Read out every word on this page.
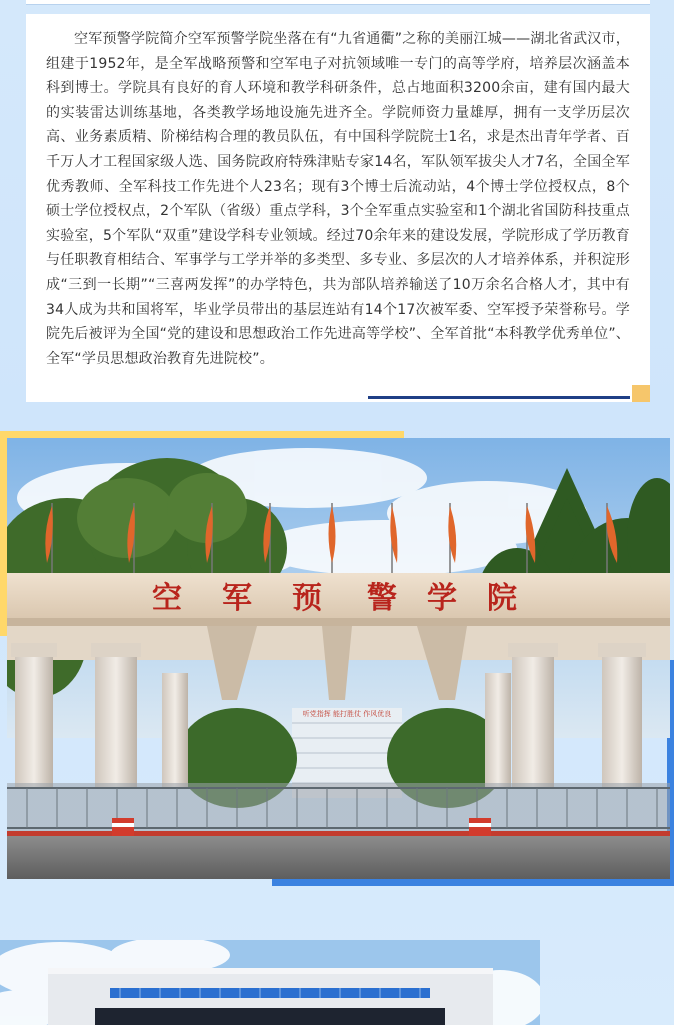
空军预警学院简介空军预警学院坐落在有“九省通衢”之称的美丽江城——湖北省武汉市，组建于1952年，是全军战略预警和空军电子对抗领域唯一专门的高等学府，培养层次涵盖本科到博士。学院具有良好的育人环境和教学科研条件，总占地面积3200余亩，建有国内最大的实装雷达训练基地，各类教学场地设施先进齐全。学院师资力量雄厚，拥有一支学历层次高、业务素质精、阶梯结构合理的教员队伍，有中国科学院院士1名，求是杰出青年学者、百千万人才工程国家级人选、国务院政府特殊津贴专家14名，军队领军拔尖人才7名，全国全军优秀教师、全军科技工作先进个人23名；现有3个博士后流动站，4个博士学位授权点，8个硕士学位授权点，2个军队（省级）重点学科，3个全军重点实验室和1个湖北省国防科技重点实验室，5个军队“双重”建设学科专业领域。经过70余年来的建设发展，学院形成了学历教育与任职教育相结合、军事学与工学并举的多类型、多专业、多层次的人才培养体系，并积淀形成“三到一长期”“三喜两发挥”的办学特色，共为部队培养输送了10万余名合格人才，其中有34人成为共和国将军，毕业学员带出的基层连站有14个17次被军委、空军授予荣誉称号。学院先后被评为全国“党的建设和思想政治工作先进高等学校”、全军首批“本科教学优秀单位”、全军“学员思想政治教育先进院校”。

听党指挥 能打胜仗 作风优良
空 军 预 警 学 院
